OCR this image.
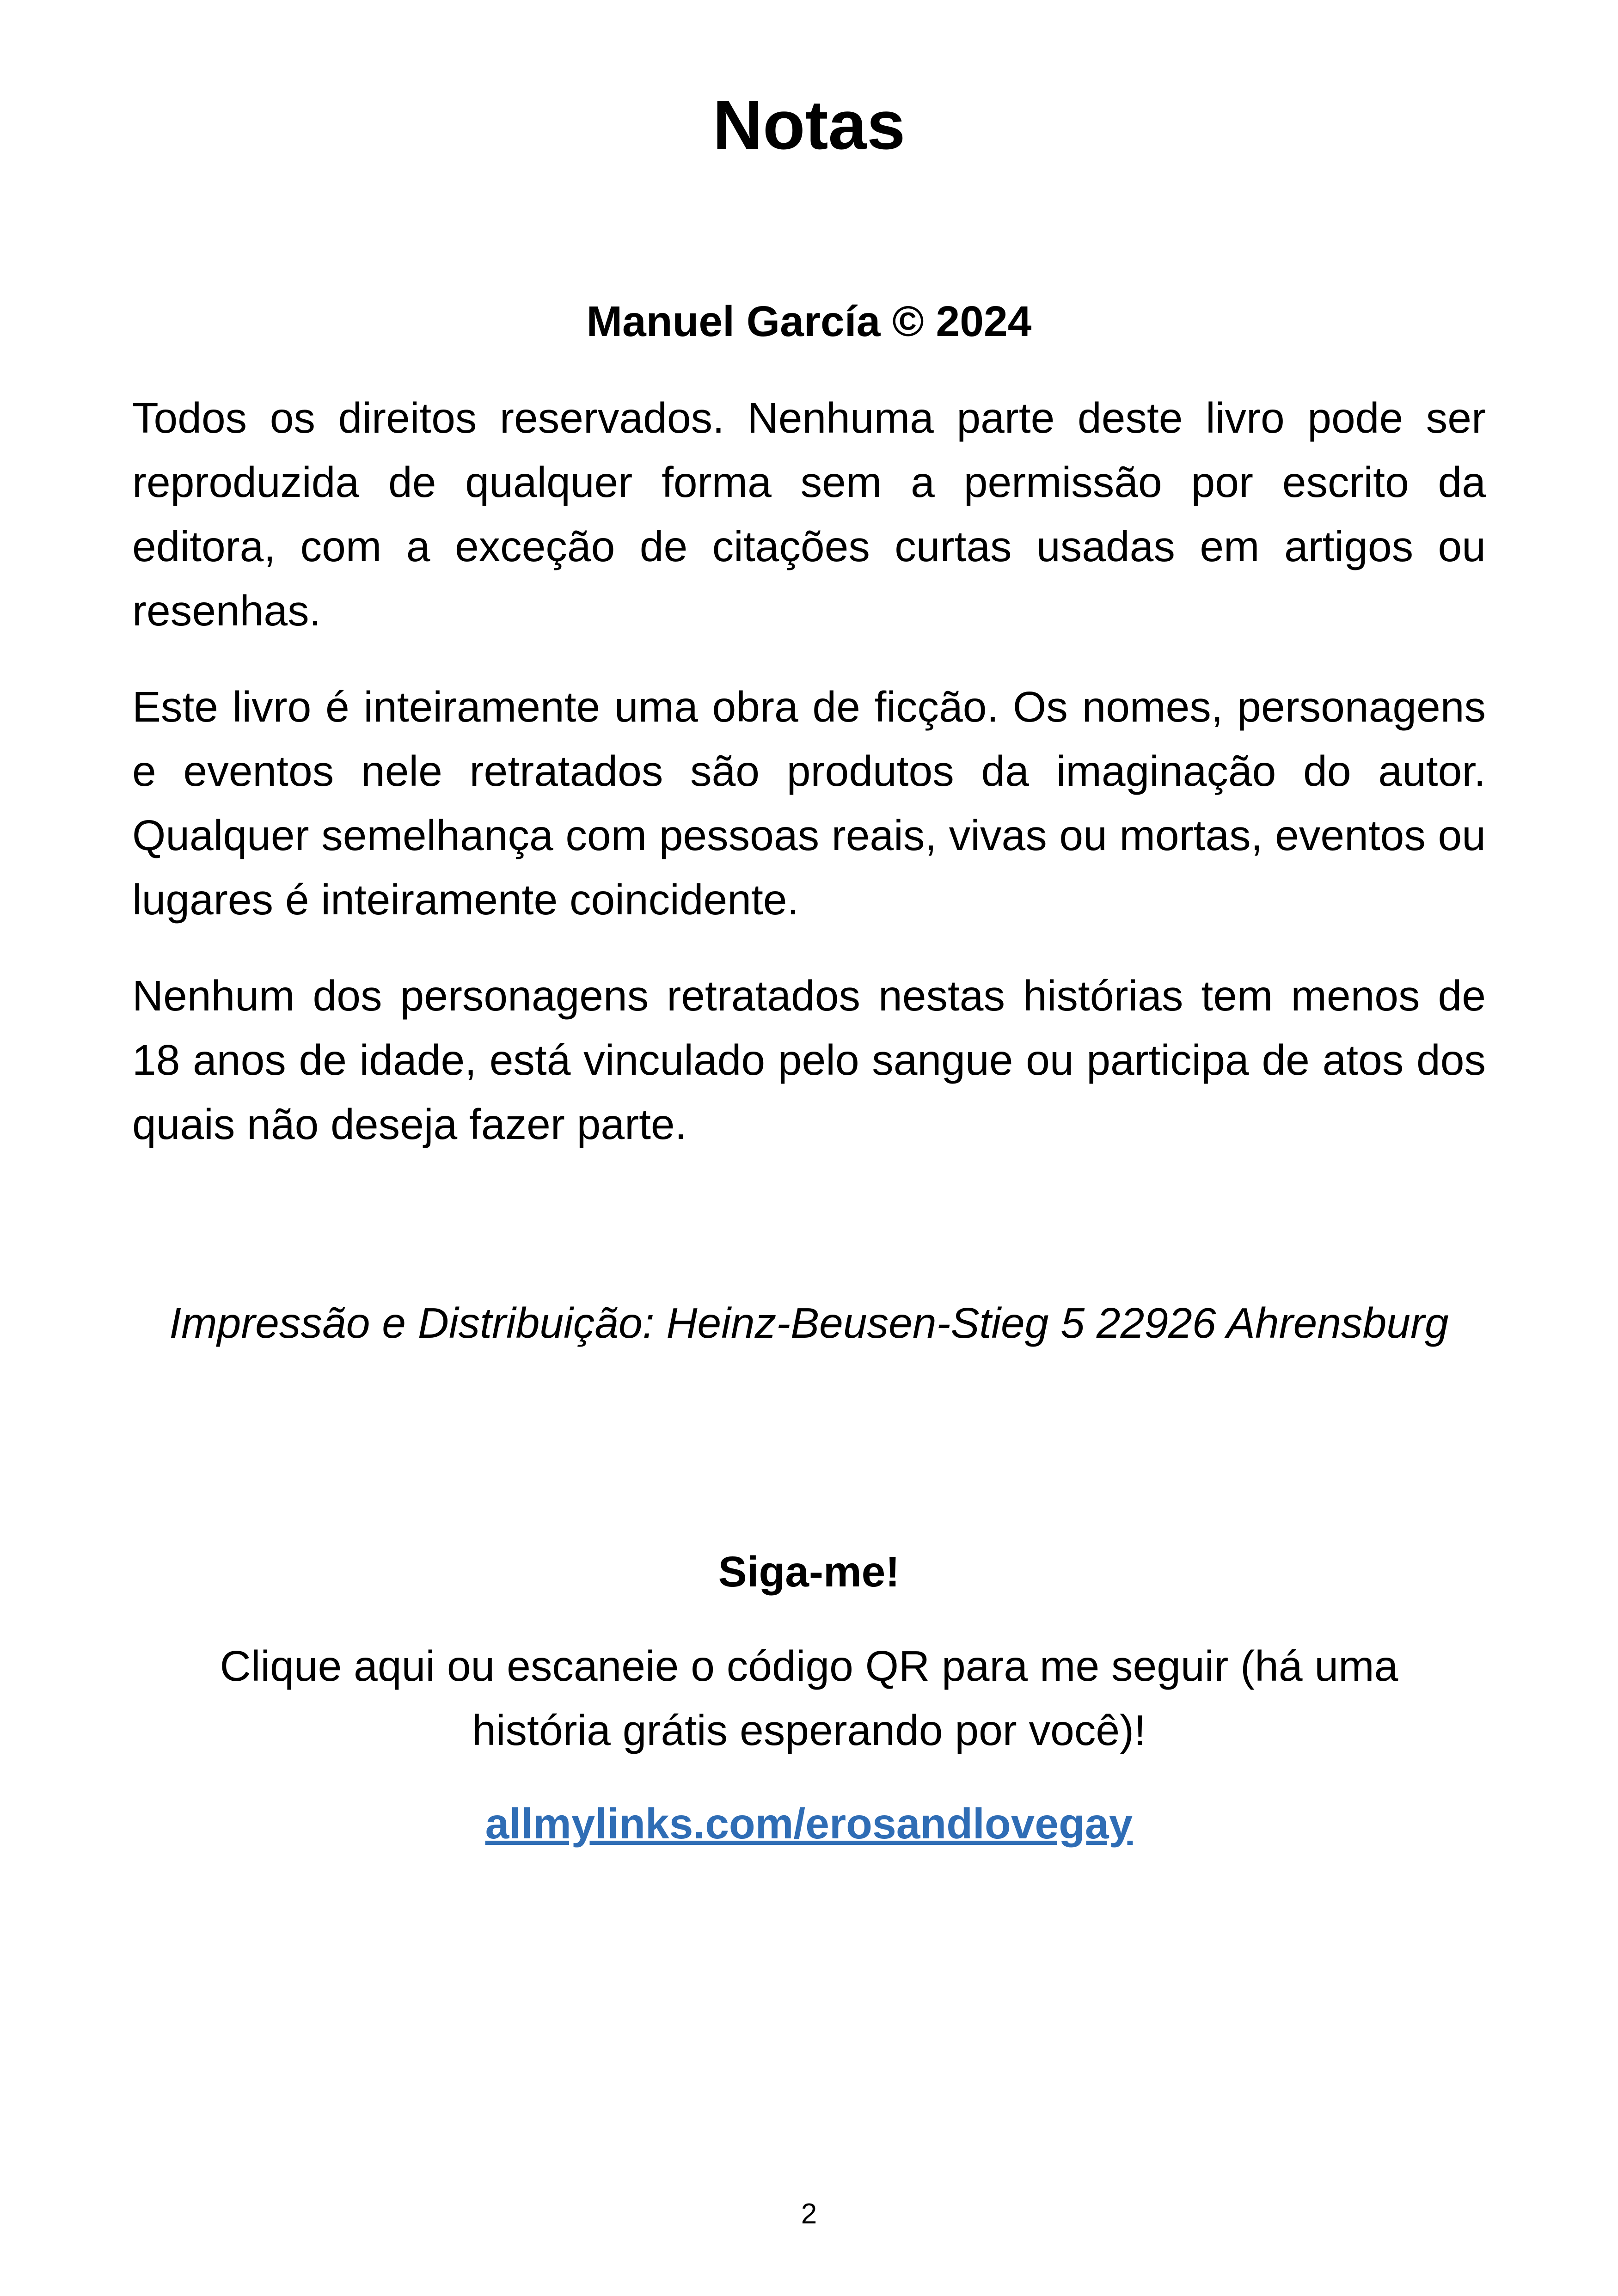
Notas
Manuel García © 2024
Todos os direitos reservados. Nenhuma parte deste livro pode ser reproduzida de qualquer forma sem a permissão por escrito da editora, com a exceção de citações curtas usadas em artigos ou resenhas.
Este livro é inteiramente uma obra de ficção. Os nomes, personagens e eventos nele retratados são produtos da imaginação do autor. Qualquer semelhança com pessoas reais, vivas ou mortas, eventos ou lugares é inteiramente coincidente.
Nenhum dos personagens retratados nestas histórias tem menos de 18 anos de idade, está vinculado pelo sangue ou participa de atos dos quais não deseja fazer parte.
Impressão e Distribuição: Heinz-Beusen-Stieg 5 22926 Ahrensburg
Siga-me!
Clique aqui ou escaneie o código QR para me seguir (há uma história grátis esperando por você)!
allmylinks.com/erosandlovegay
2
